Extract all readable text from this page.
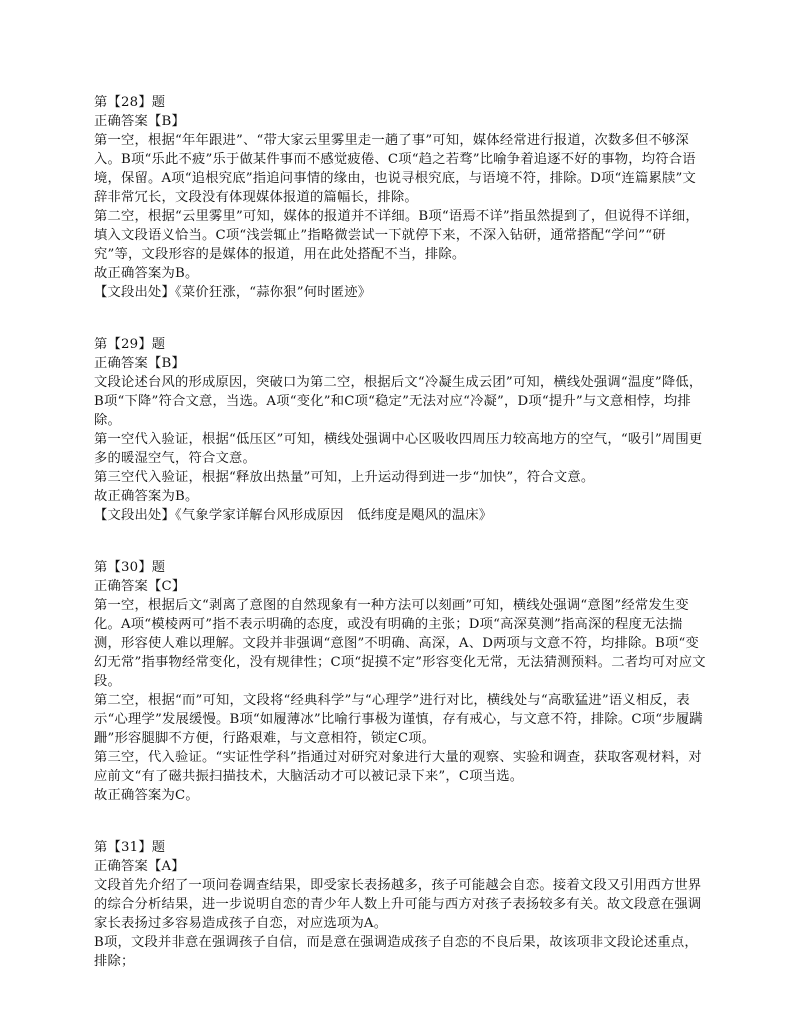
第【28】题

正确答案【B】

第一空，根据“年年跟进”、“带大家云里雾里走一趟了事”可知，媒体经常进行报道，次数多但不够深入。B项“乐此不疲”乐于做某件事而不感觉疲倦、C项“趋之若骛”比喻争着追逐不好的事物，均符合语境，保留。A项“追根究底”指追问事情的缘由，也说寻根究底，与语境不符，排除。D项“连篇累牍”文辞非常冗长，文段没有体现媒体报道的篇幅长，排除。

第二空，根据“云里雾里”可知，媒体的报道并不详细。B项“语焉不详”指虽然提到了，但说得不详细，填入文段语义恰当。C项“浅尝辄止”指略微尝试一下就停下来，不深入钻研，通常搭配“学问”“研究”等，文段形容的是媒体的报道，用在此处搭配不当，排除。

故正确答案为B。

【文段出处】《菜价狂涨，“蒜你狠”何时匿迹》

第【29】题

正确答案【B】

文段论述台风的形成原因，突破口为第二空，根据后文“冷凝生成云团”可知，横线处强调“温度”降低，B项“下降”符合文意，当选。A项“变化”和C项“稳定”无法对应“冷凝”，D项“提升”与文意相悖，均排除。

第一空代入验证，根据“低压区”可知，横线处强调中心区吸收四周压力较高地方的空气，“吸引”周围更多的暖湿空气，符合文意。

第三空代入验证，根据“释放出热量”可知，上升运动得到进一步“加快”，符合文意。

故正确答案为B。

【文段出处】《气象学家详解台风形成原因　低纬度是飓风的温床》

第【30】题

正确答案【C】

第一空，根据后文“剥离了意图的自然现象有一种方法可以刻画”可知，横线处强调“意图”经常发生变化。A项“模棱两可”指不表示明确的态度，或没有明确的主张；D项“高深莫测”指高深的程度无法揣测，形容使人难以理解。文段并非强调“意图”不明确、高深，A、D两项与文意不符，均排除。B项“变幻无常”指事物经常变化，没有规律性；C项“捉摸不定”形容变化无常，无法猜测预料。二者均可对应文段。

第二空，根据“而”可知，文段将“经典科学”与“心理学”进行对比，横线处与“高歌猛进”语义相反，表示“心理学”发展缓慢。B项“如履薄冰”比喻行事极为谨慎，存有戒心，与文意不符，排除。C项“步履蹒跚”形容腿脚不方便，行路艰难，与文意相符，锁定C项。

第三空，代入验证。“实证性学科”指通过对研究对象进行大量的观察、实验和调查，获取客观材料，对应前文“有了磁共振扫描技术，大脑活动才可以被记录下来”，C项当选。

故正确答案为C。

第【31】题

正确答案【A】

文段首先介绍了一项问卷调查结果，即受家长表扬越多，孩子可能越会自恋。接着文段又引用西方世界的综合分析结果，进一步说明自恋的青少年人数上升可能与西方对孩子表扬较多有关。故文段意在强调家长表扬过多容易造成孩子自恋，对应选项为A。

B项，文段并非意在强调孩子自信，而是意在强调造成孩子自恋的不良后果，故该项非文段论述重点，排除；
